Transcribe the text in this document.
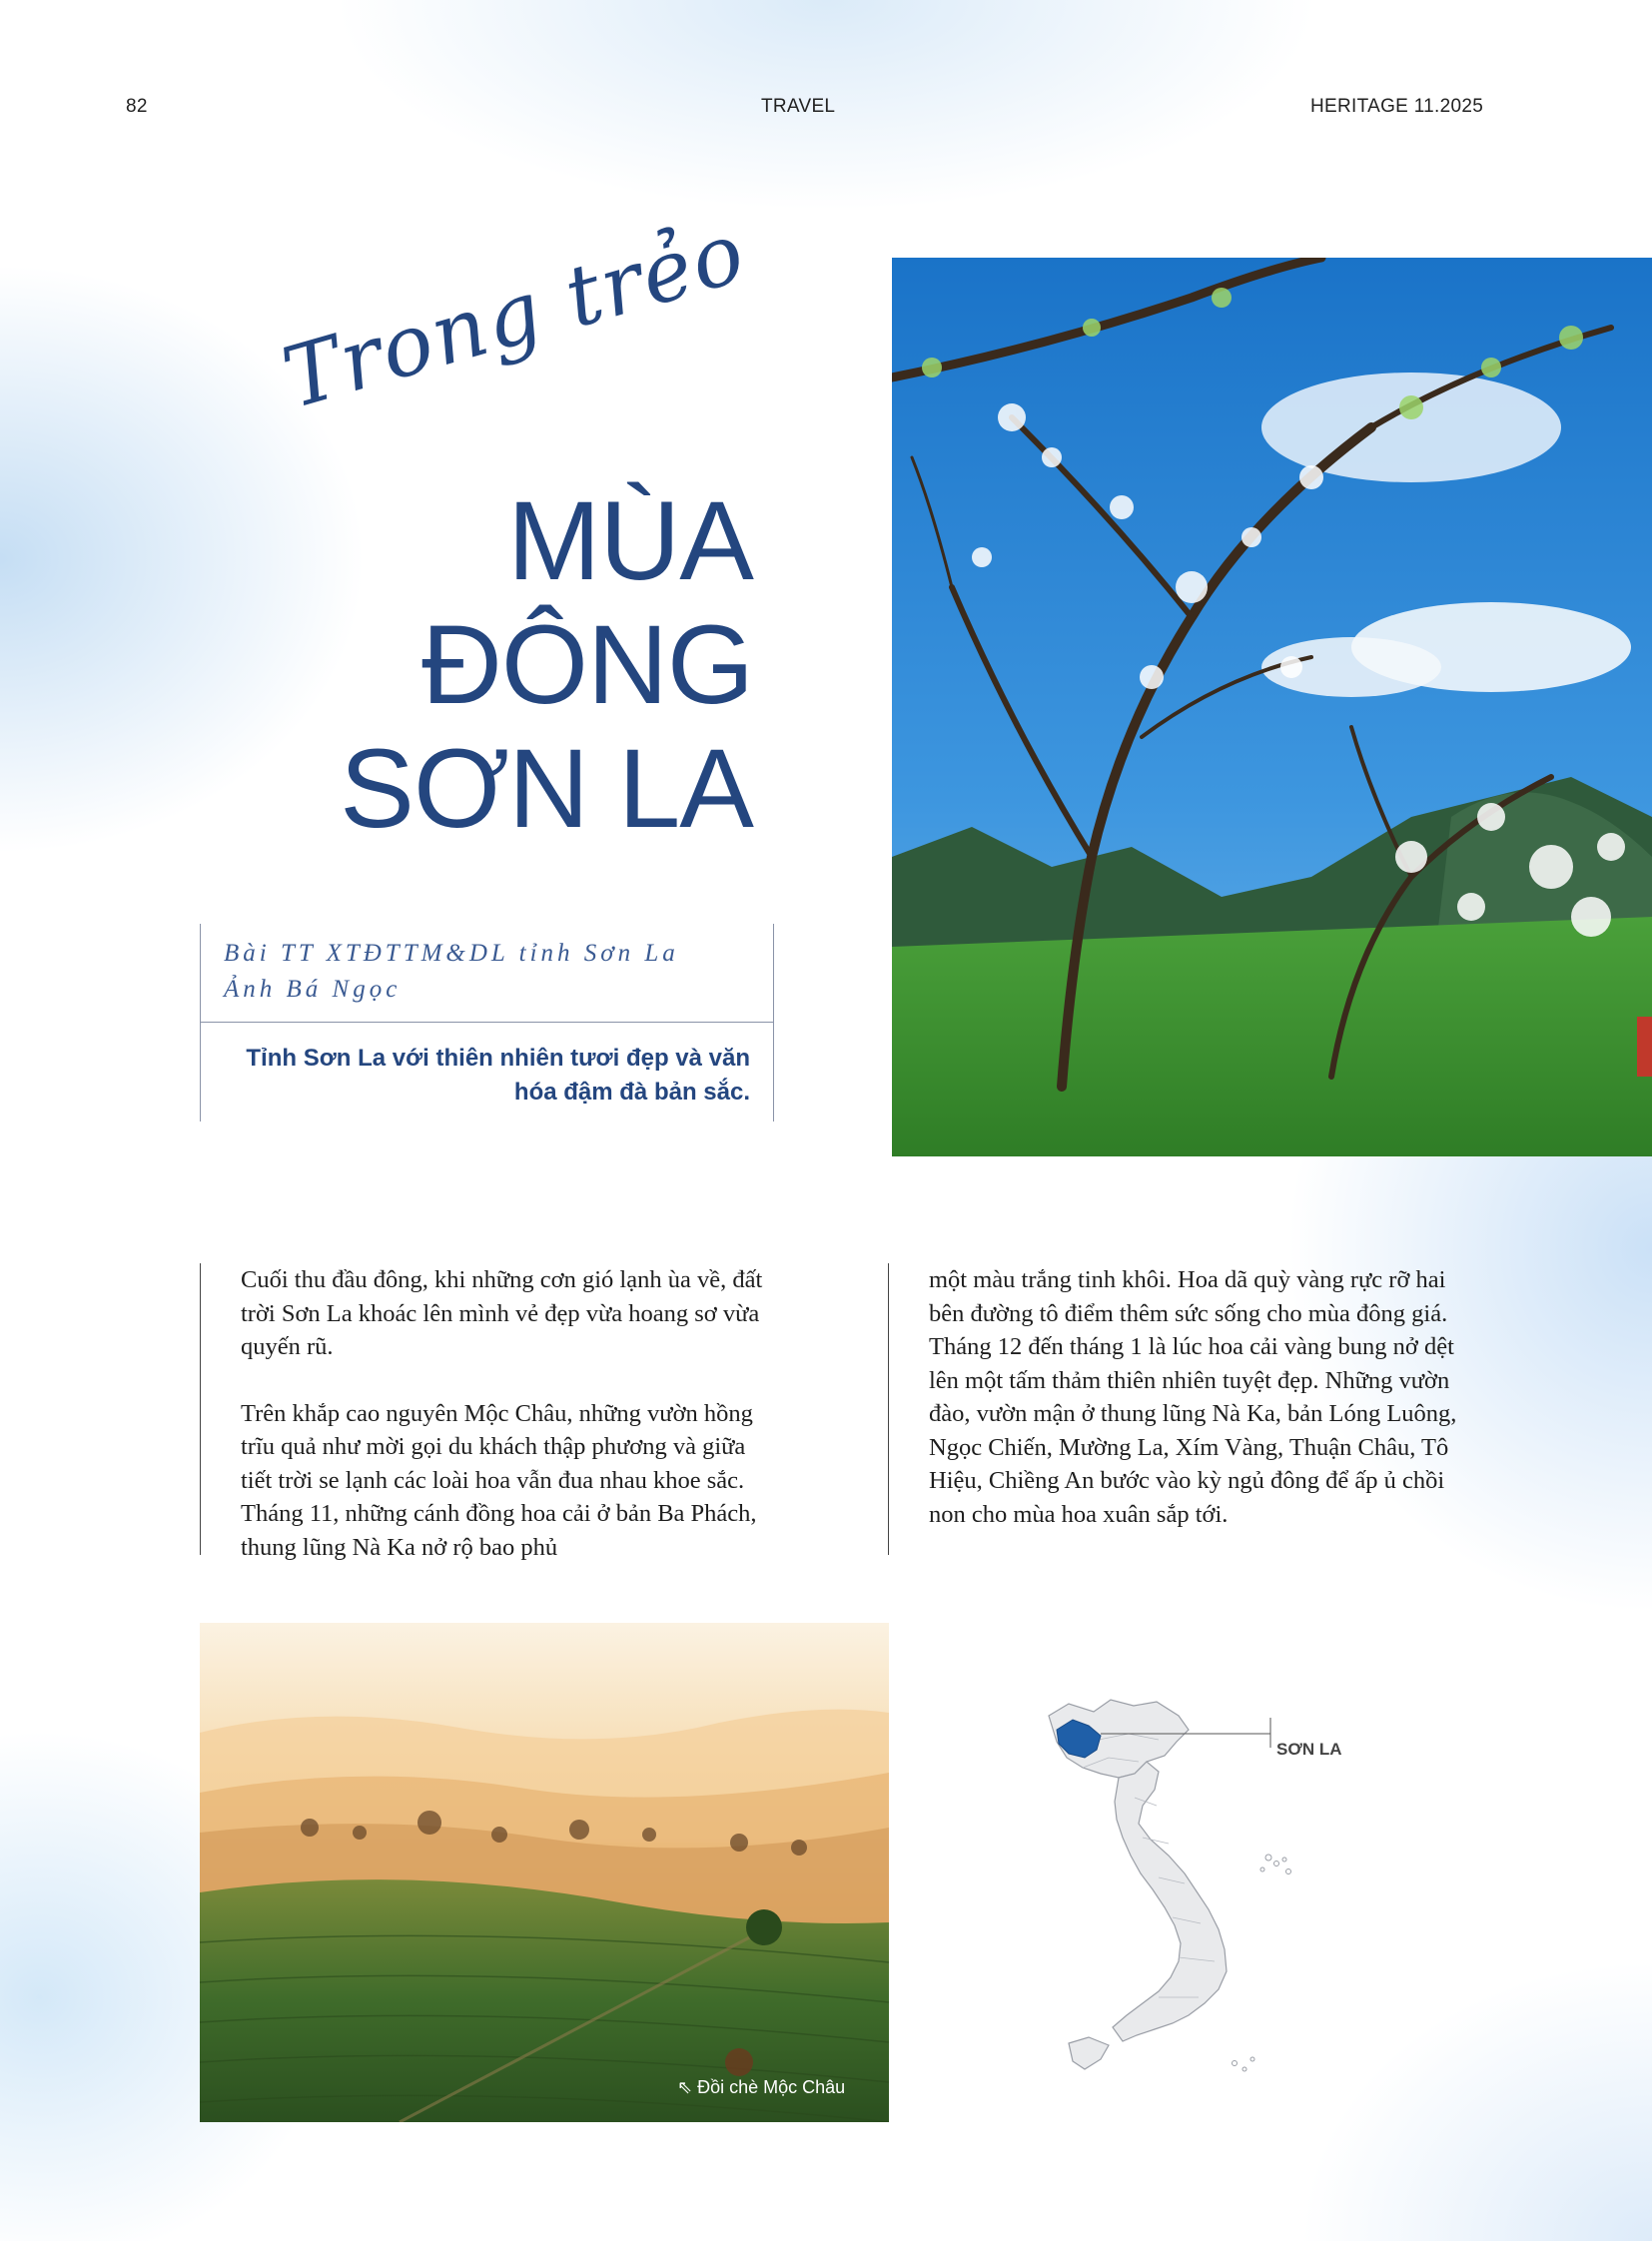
82	TRAVEL	HERITAGE 11.2025
Trong trẻo
MÙA
ĐÔNG
SƠN LA
Bài TT XTĐTTM&DL tỉnh Sơn La
Ảnh Bá Ngọc
Tỉnh Sơn La với thiên nhiên tươi đẹp và văn hóa đậm đà bản sắc.

Cuối thu đầu đông, khi những cơn gió lạnh ùa về, đất trời Sơn La khoác lên mình vẻ đẹp vừa hoang sơ vừa quyến rũ.

Trên khắp cao nguyên Mộc Châu, những vườn hồng trĩu quả như mời gọi du khách thập phương và giữa tiết trời se lạnh các loài hoa vẫn đua nhau khoe sắc. Tháng 11, những cánh đồng hoa cải ở bản Ba Phách, thung lũng Nà Ka nở rộ bao phủ

một màu trắng tinh khôi. Hoa dã quỳ vàng rực rỡ hai bên đường tô điểm thêm sức sống cho mùa đông giá. Tháng 12 đến tháng 1 là lúc hoa cải vàng bung nở dệt lên một tấm thảm thiên nhiên tuyệt đẹp. Những vườn đào, vườn mận ở thung lũng Nà Ka, bản Lóng Luông, Ngọc Chiến, Mường La, Xím Vàng, Thuận Châu, Tô Hiệu, Chiềng An bước vào kỳ ngủ đông để ấp ủ chồi non cho mùa hoa xuân sắp tới.

⇖ Đồi chè Mộc Châu
SƠN LA
